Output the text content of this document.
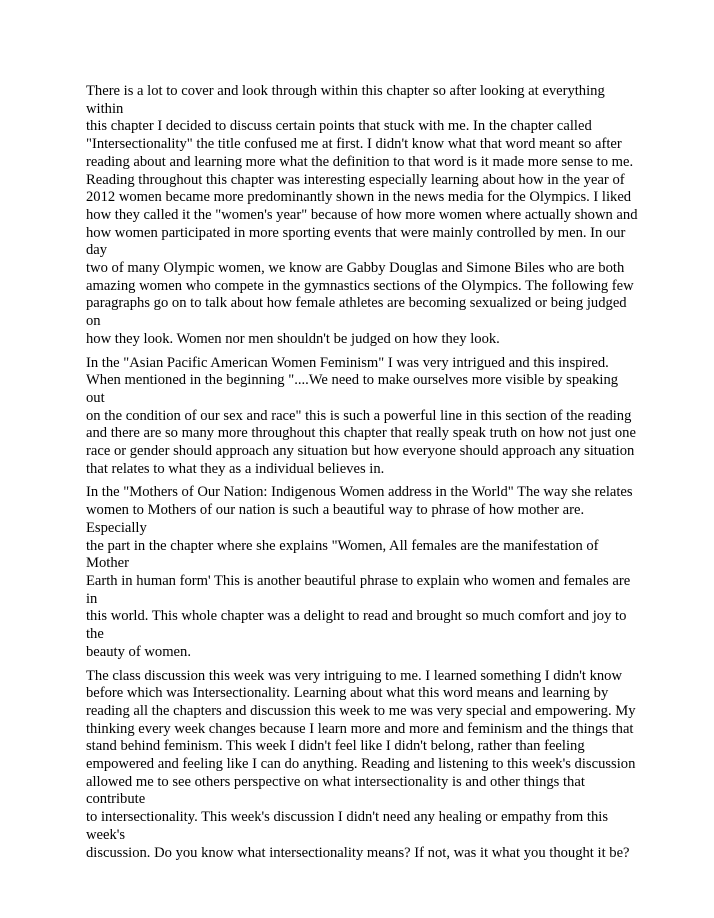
There is a lot to cover and look through within this chapter so after looking at everything within
this chapter I decided to discuss certain points that stuck with me. In the chapter called
"Intersectionality" the title confused me at first. I didn't know what that word meant so after
reading about and learning more what the definition to that word is it made more sense to me.
Reading throughout this chapter was interesting especially learning about how in the year of
2012 women became more predominantly shown in the news media for the Olympics. I liked
how they called it the "women's year" because of how more women where actually shown and
how women participated in more sporting events that were mainly controlled by men. In our day
two of many Olympic women, we know are Gabby Douglas and Simone Biles who are both
amazing women who compete in the gymnastics sections of the Olympics. The following few
paragraphs go on to talk about how female athletes are becoming sexualized or being judged on
how they look. Women nor men shouldn't be judged on how they look.

In the "Asian Pacific American Women Feminism" I was very intrigued and this inspired.
When mentioned in the beginning "....We need to make ourselves more visible by speaking out
on the condition of our sex and race" this is such a powerful line in this section of the reading
and there are so many more throughout this chapter that really speak truth on how not just one
race or gender should approach any situation but how everyone should approach any situation
that relates to what they as a individual believes in.

In the "Mothers of Our Nation: Indigenous Women address in the World" The way she relates
women to Mothers of our nation is such a beautiful way to phrase of how mother are. Especially
the part in the chapter where she explains "Women, All females are the manifestation of Mother
Earth in human form' This is another beautiful phrase to explain who women and females are in
this world. This whole chapter was a delight to read and brought so much comfort and joy to the
beauty of women.

The class discussion this week was very intriguing to me. I learned something I didn't know
before which was Intersectionality. Learning about what this word means and learning by
reading all the chapters and discussion this week to me was very special and empowering. My
thinking every week changes because I learn more and more and feminism and the things that
stand behind feminism. This week I didn't feel like I didn't belong, rather than feeling
empowered and feeling like I can do anything. Reading and listening to this week's discussion
allowed me to see others perspective on what intersectionality is and other things that contribute
to intersectionality. This week's discussion I didn't need any healing or empathy from this week's
discussion. Do you know what intersectionality means? If not, was it what you thought it be?
